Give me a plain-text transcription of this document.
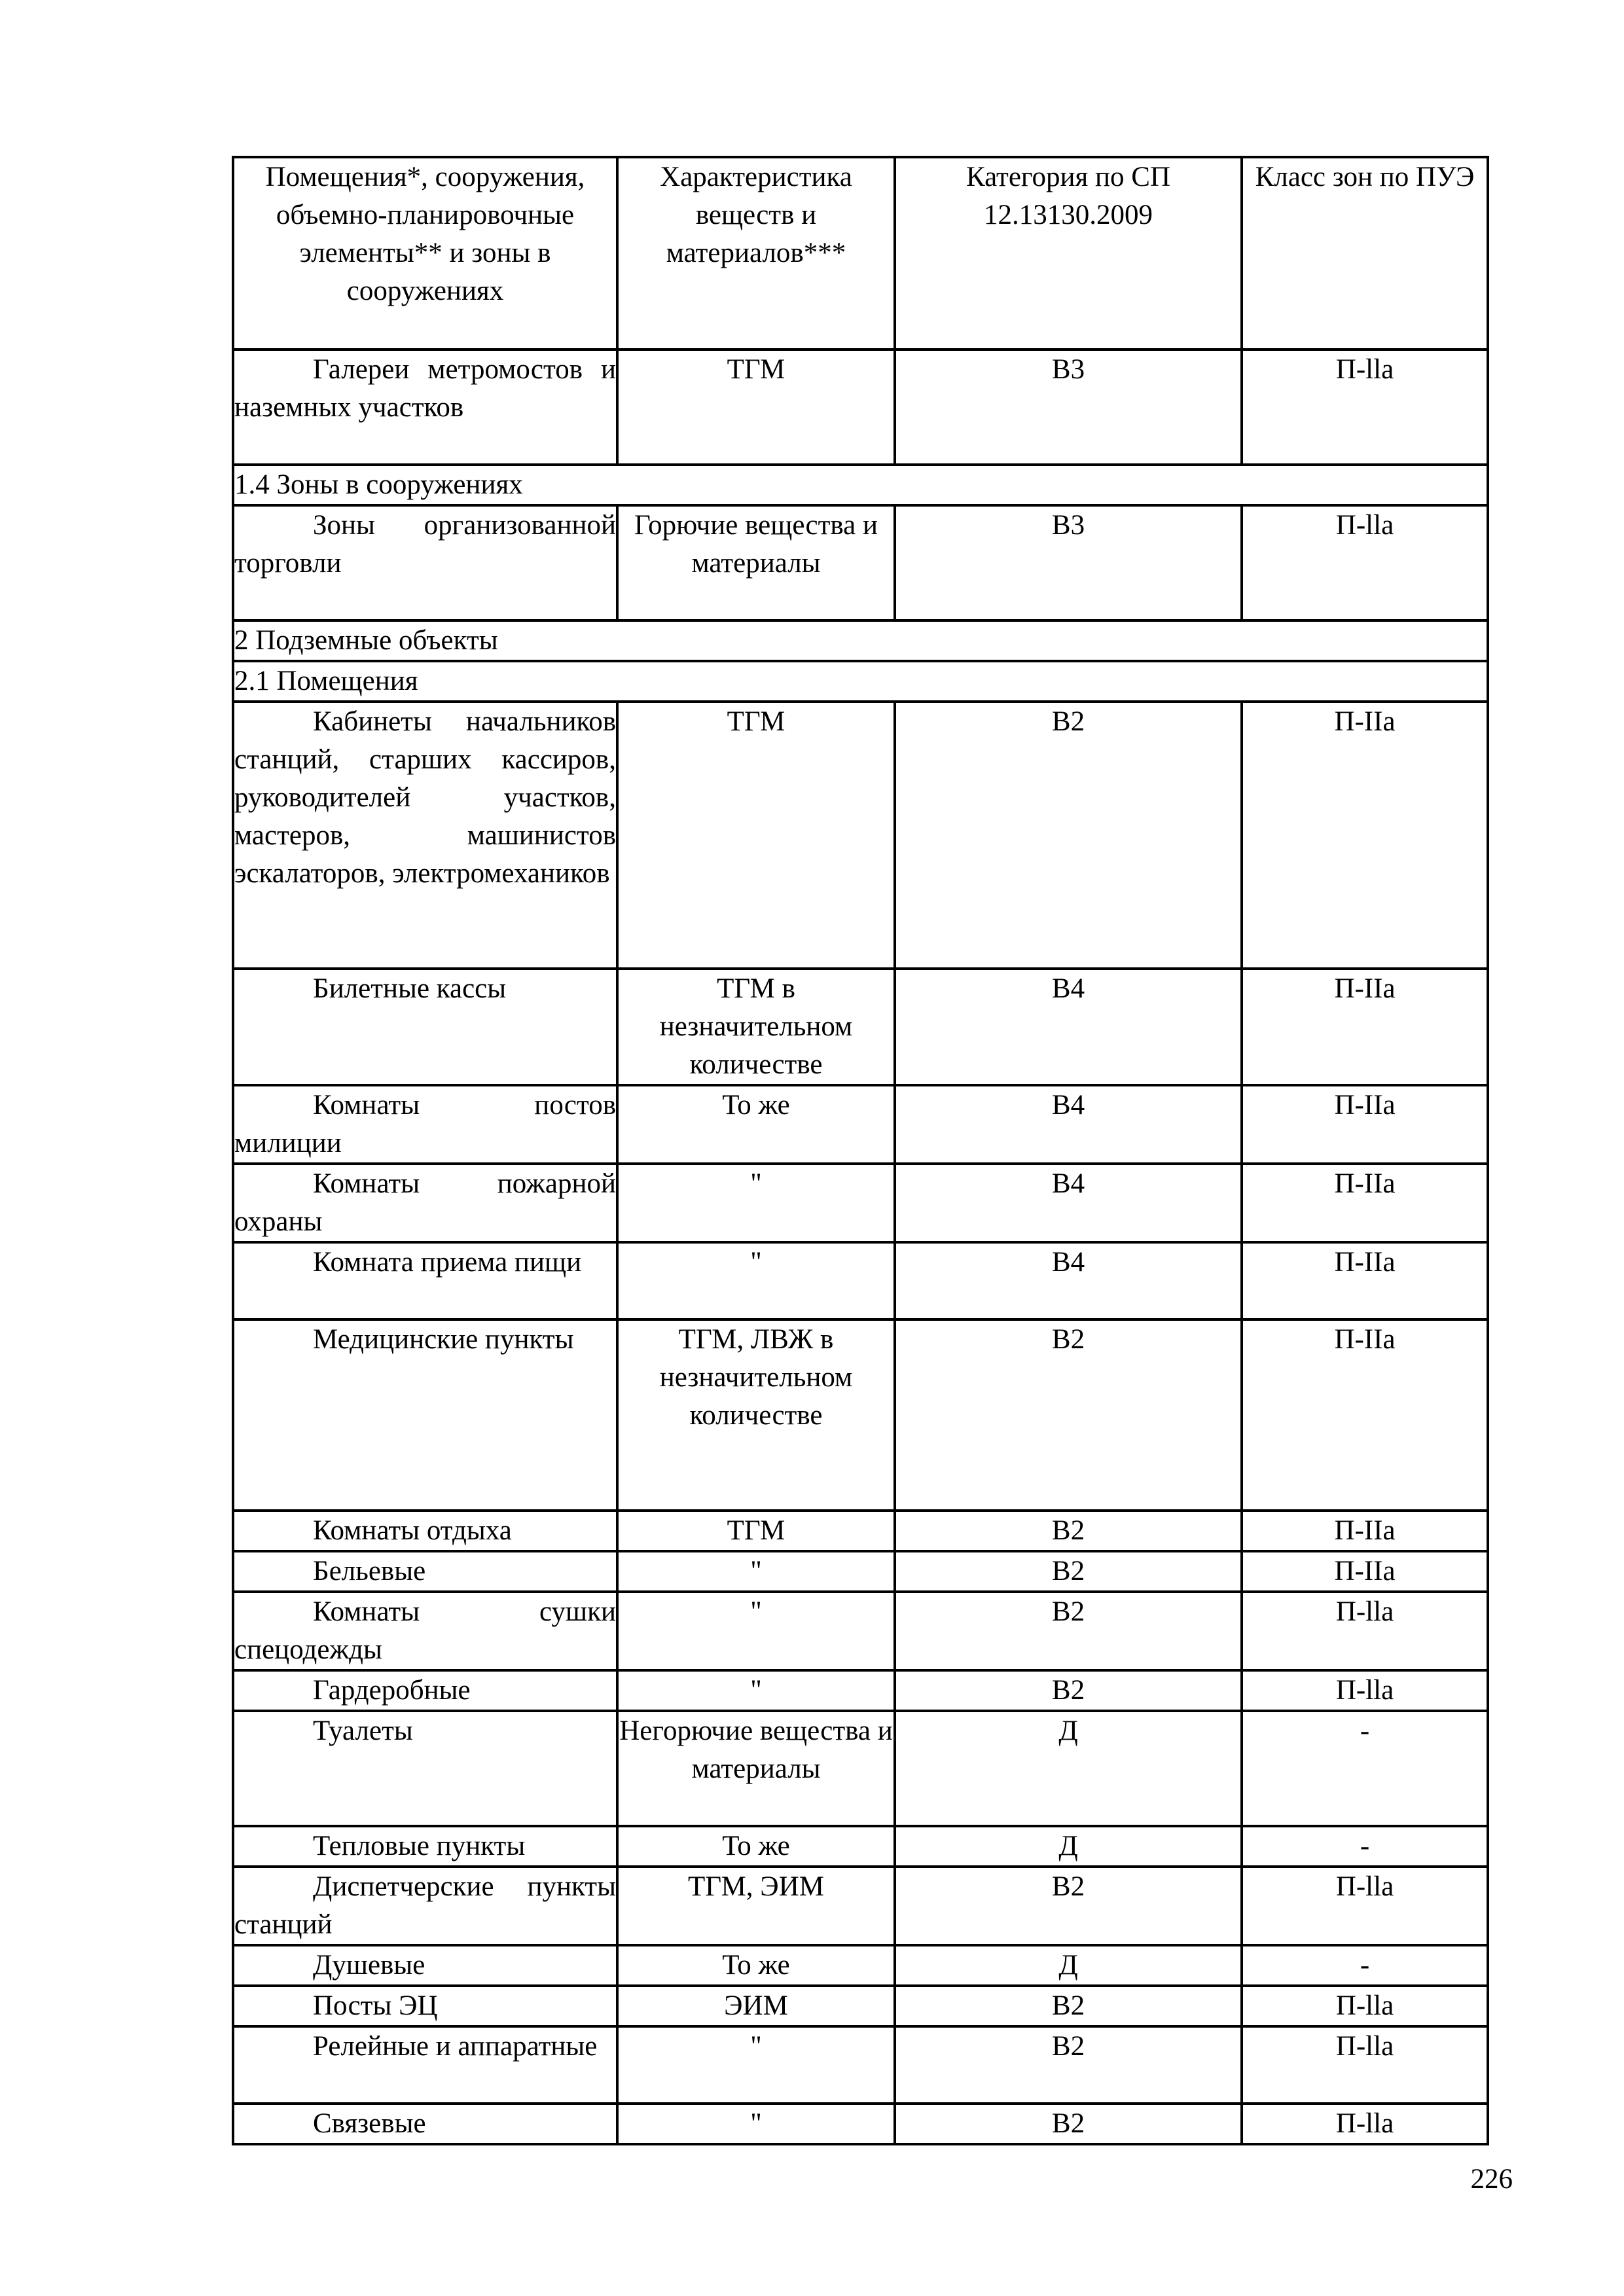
Помещения*, сооружения, объемно-планировочные элементы** и зоны в сооружениях	Характеристика веществ и материалов***	Категория по СП 12.13130.2009	Класс зон по ПУЭ

Галереи метромостов и наземных участков	ТГМ	В3	П-llа
1.4 Зоны в сооружениях			

Зоны организованной торговли	Горючие вещества и материалы	В3	П-llа
2 Подземные объекты			
2.1 Помещения			

Кабинеты начальников станций, старших кассиров, руководителей участков, мастеров, машинистов эскалаторов, электромехаников	ТГМ	В2	П-IIа

Билетные кассы	ТГМ в незначительном количестве	В4	П-IIа

Комнаты постов милиции	То же	В4	П-IIа

Комнаты пожарной охраны	"	В4	П-IIа

Комната приема пищи	"	В4	П-IIа

Медицинские пункты	ТГМ, ЛВЖ в незначительном количестве	В2	П-IIа

Комнаты отдыха	ТГМ	В2	П-IIа

Бельевые	"	В2	П-IIа

Комнаты сушки спецодежды	"	В2	П-llа

Гардеробные	"	В2	П-llа

Туалеты	Негорючие вещества и материалы	Д	-

Тепловые пункты	То же	Д	-

Диспетчерские пункты станций	ТГМ, ЭИМ	В2	П-llа

Душевые	То же	Д	-

Посты ЭЦ	ЭИМ	В2	П-llа

Релейные и аппаратные	"	В2	П-llа

Связевые	"	В2	П-llа
226
